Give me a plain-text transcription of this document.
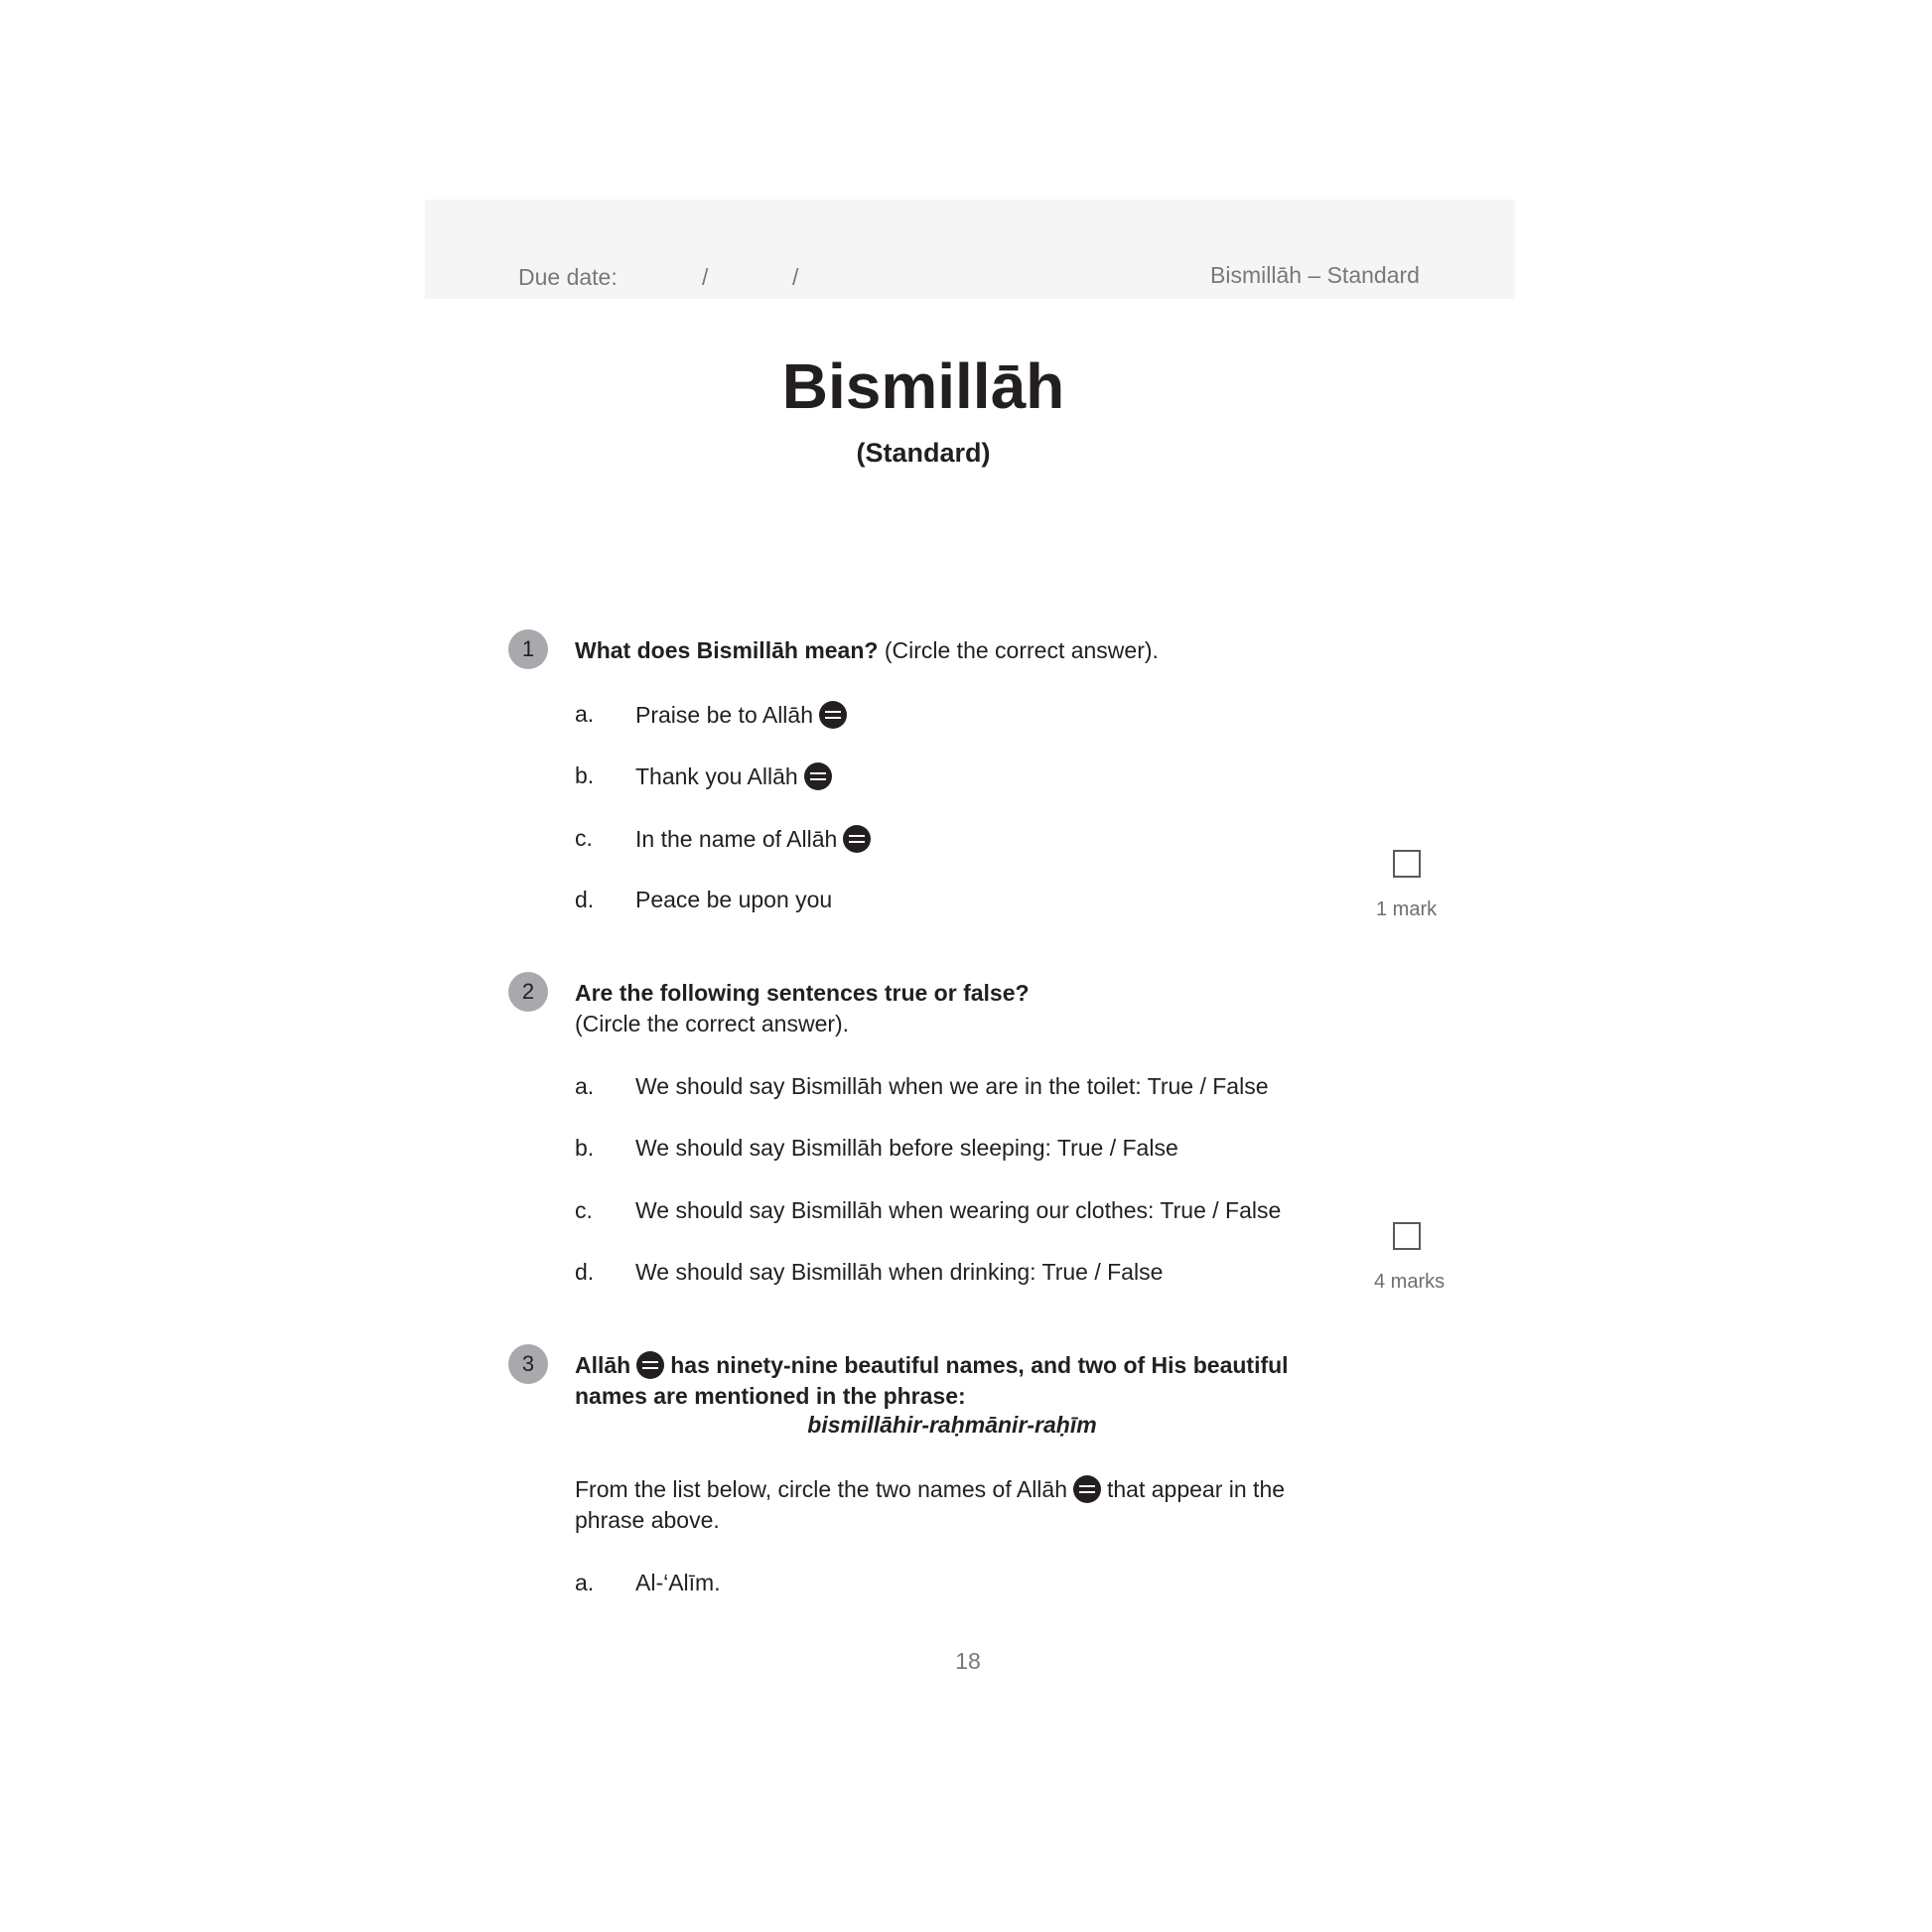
Due date:	/	/	Bismillāh – Standard
Bismillāh
(Standard)
1	What does Bismillāh mean? (Circle the correct answer).
a. Praise be to Allāh
b. Thank you Allāh
c. In the name of Allāh
d. Peace be upon you	1 mark
2	Are the following sentences true or false?
(Circle the correct answer).
a. We should say Bismillāh when we are in the toilet: True / False
b. We should say Bismillāh before sleeping: True / False
c. We should say Bismillāh when wearing our clothes: True / False
d. We should say Bismillāh when drinking: True / False	4 marks
3	Allāh has ninety-nine beautiful names, and two of His beautiful
names are mentioned in the phrase:
bismillāhir-raḥmānir-raḥīm
From the list below, circle the two names of Allāh that appear in the
phrase above.
a. Al-‘Alīm.
18
